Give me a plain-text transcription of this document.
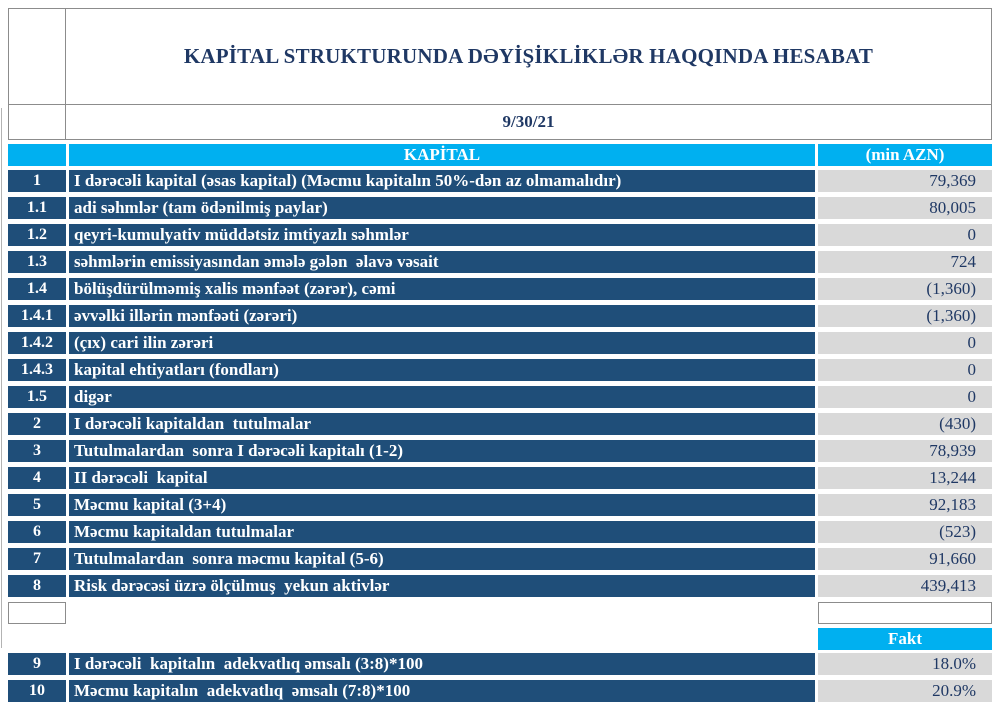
KAPİTAL STRUKTURUNDA DƏYİŞİKLİKLƏR HAQQINDA HESABAT
9/30/21
KAPİTAL	(min AZN)
1	I dərəcəli kapital (əsas kapital) (Məcmu kapitalın 50%-dən az olmamalıdır)	79,369
1.1	adi səhmlər (tam ödənilmiş paylar)	80,005
1.2	qeyri-kumulyativ müddətsiz imtiyazlı səhmlər	0
1.3	səhmlərin emissiyasından əmələ gələn  əlavə vəsait	724
1.4	bölüşdürülməmiş xalis mənfəət (zərər), cəmi	(1,360)
1.4.1	əvvəlki illərin mənfəəti (zərəri)	(1,360)
1.4.2	(çıx) cari ilin zərəri	0
1.4.3	kapital ehtiyatları (fondları)	0
1.5	digər	0
2	I dərəcəli kapitaldan  tutulmalar	(430)
3	Tutulmalardan  sonra I dərəcəli kapitalı (1-2)	78,939
4	II dərəcəli  kapital	13,244
5	Məcmu kapital (3+4)	92,183
6	Məcmu kapitaldan tutulmalar	(523)
7	Tutulmalardan  sonra məcmu kapital (5-6)	91,660
8	Risk dərəcəsi üzrə ölçülmuş  yekun aktivlər	439,413
Fakt
9	I dərəcəli  kapitalın  adekvatlıq əmsalı (3:8)*100	18.0%
10	Məcmu kapitalın  adekvatlıq  əmsalı (7:8)*100	20.9%
